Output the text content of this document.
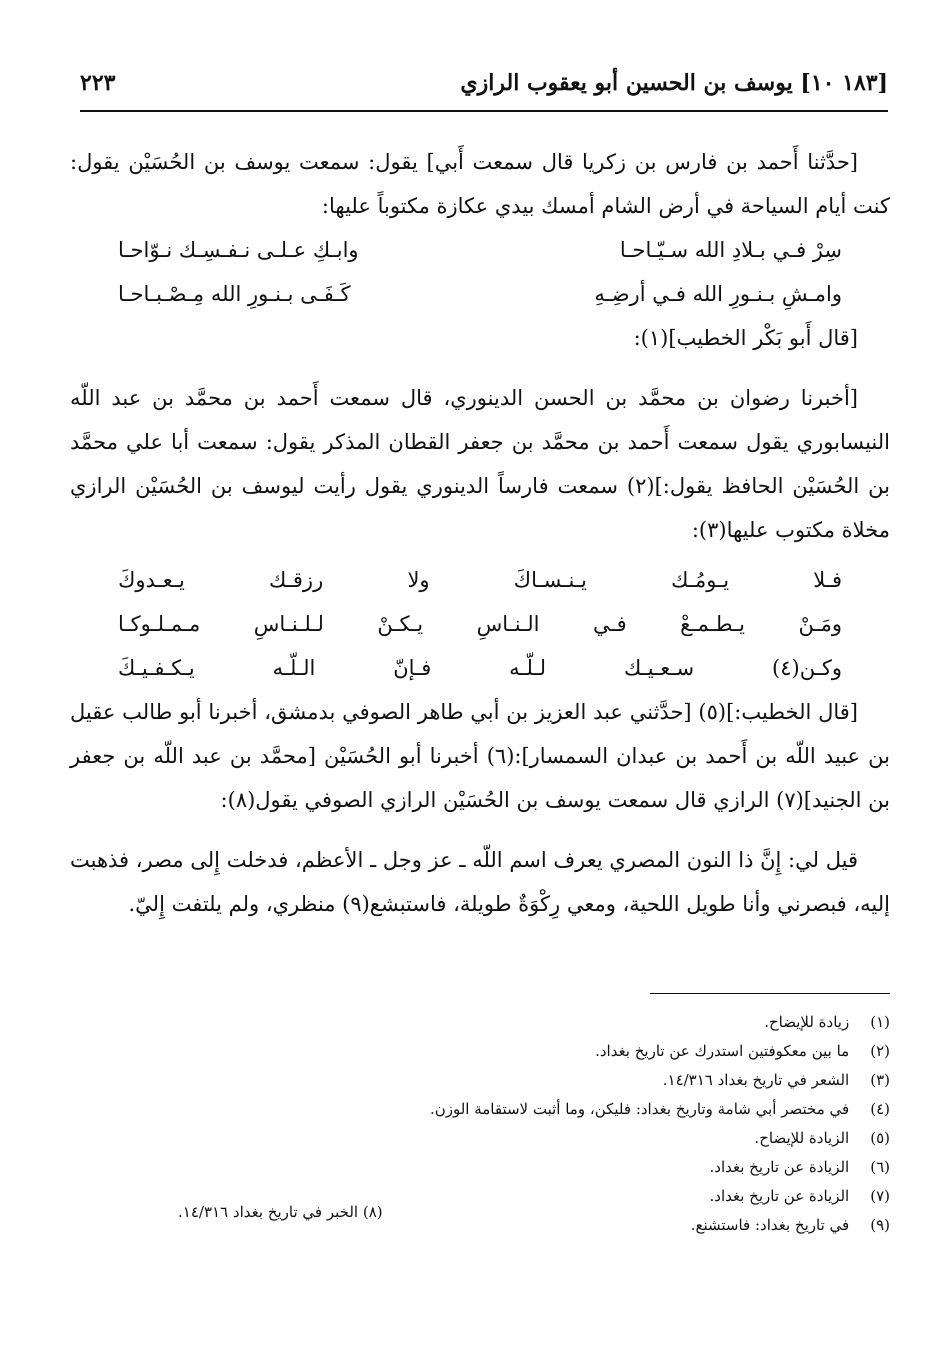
[١٨٣ ١٠] يوسف بن الحسين أبو يعقوب الرازي
٢٢٣

[حدَّثنا أَحمد بن فارس بن زكريا قال سمعت أَبي] يقول: سمعت يوسف بن الحُسَيْن يقول: كنت أيام السياحة في أرض الشام أمسك بيدي عكازة مكتوباً عليها:

سِرْ فـي بـلادِ الله سـيّـاحـا
وابـكِ عـلـى نـفـسِـك نـوّاحـا
وامـشِ بـنـورِ الله فـي أرضِـهِ
كَـفَـى بـنـورِ الله مِـصْـبـاحـا

[قال أَبو بَكْر الخطيب](١):

[أخبرنا رضوان بن محمَّد بن الحسن الدينوري، قال سمعت أَحمد بن محمَّد بن عبد اللّه النيسابوري يقول سمعت أَحمد بن محمَّد بن جعفر القطان المذكر يقول: سمعت أبا علي محمَّد بن الحُسَيْن الحافظ يقول:](٢) سمعت فارساً الدينوري يقول رأيت ليوسف بن الحُسَيْن الرازي مخلاة مكتوب عليها(٣):

فـلا
يـومُـك
يـنـسـاكَ
ولا
رزقـك
يـعـدوكَ
ومَـنْ
يـطـمـعْ
فـي
الـنـاسِ
يـكـنْ
لـلـنـاسِ
مـمـلـوكـا
وكـن(٤)
سـعـيـك
لـلّـه
فـإنّ
الـلّـه
يـكـفـيـكَ

[قال الخطيب:](٥) [حدَّثني عبد العزيز بن أبي طاهر الصوفي بدمشق، أخبرنا أبو طالب عقيل بن عبيد اللّه بن أَحمد بن عبدان السمسار]:(٦) أخبرنا أبو الحُسَيْن [محمَّد بن عبد اللّه بن جعفر بن الجنيد](٧) الرازي قال سمعت يوسف بن الحُسَيْن الرازي الصوفي يقول(٨):

قيل لي: إِنَّ ذا النون المصري يعرف اسم اللّه ـ عز وجل ـ الأعظم، فدخلت إِلى مصر، فذهبت إليه، فبصرني وأنا طويل اللحية، ومعي رِكْوَةٌ طويلة، فاستبشع(٩) منظري، ولم يلتفت إِليّ.

(١) زيادة للإيضاح.
(٢) ما بين معكوفتين استدرك عن تاريخ بغداد.
(٣) الشعر في تاريخ بغداد ١٤/٣١٦.
(٤) في مختصر أبي شامة وتاريخ بغداد: فليكن، وما أثبت لاستقامة الوزن.
(٥) الزيادة للإيضاح.
(٦) الزيادة عن تاريخ بغداد.
(٧) الزيادة عن تاريخ بغداد.
(٩) في تاريخ بغداد: فاستشنع.
(٨) الخبر في تاريخ بغداد ١٤/٣١٦.
